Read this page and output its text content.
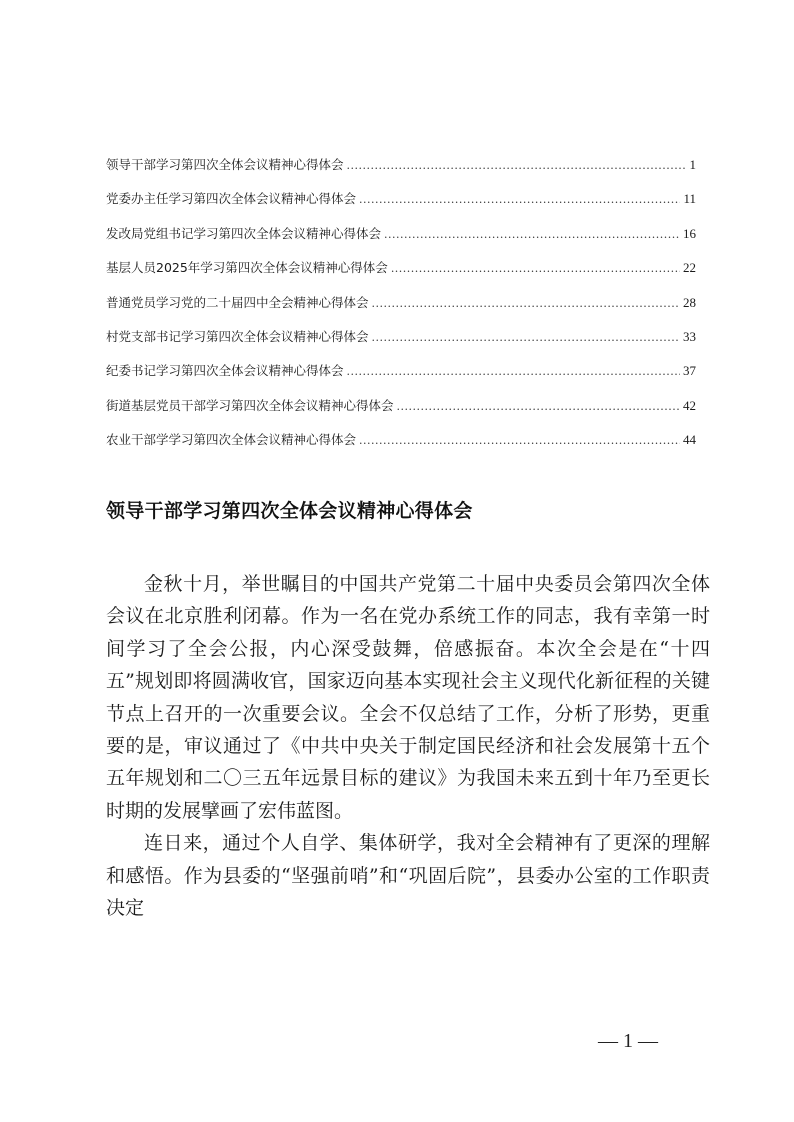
领导干部学习第四次全体会议精神心得体会 .....	1
党委办主任学习第四次全体会议精神心得体会 .....	11
发改局党组书记学习第四次全体会议精神心得体会 .....	16
基层人员2025年学习第四次全体会议精神心得体会 .....	22
普通党员学习党的二十届四中全会精神心得体会 .....	28
村党支部书记学习第四次全体会议精神心得体会 .....	33
纪委书记学习第四次全体会议精神心得体会 .....	37
街道基层党员干部学习第四次全体会议精神心得体会 .....	42
农业干部学学习第四次全体会议精神心得体会 .....	44
领导干部学习第四次全体会议精神心得体会

金秋十月，举世瞩目的中国共产党第二十届中央委员会第四次全体会议在北京胜利闭幕。作为一名在党办系统工作的同志，我有幸第一时间学习了全会公报，内心深受鼓舞，倍感振奋。本次全会是在“十四五”规划即将圆满收官，国家迈向基本实现社会主义现代化新征程的关键节点上召开的一次重要会议。全会不仅总结了工作，分析了形势，更重要的是，审议通过了《中共中央关于制定国民经济和社会发展第十五个五年规划和二〇三五年远景目标的建议》为我国未来五到十年乃至更长时期的发展擘画了宏伟蓝图。

连日来，通过个人自学、集体研学，我对全会精神有了更深的理解和感悟。作为县委的“坚强前哨”和“巩固后院”，县委办公室的工作职责决定

— 1 —
